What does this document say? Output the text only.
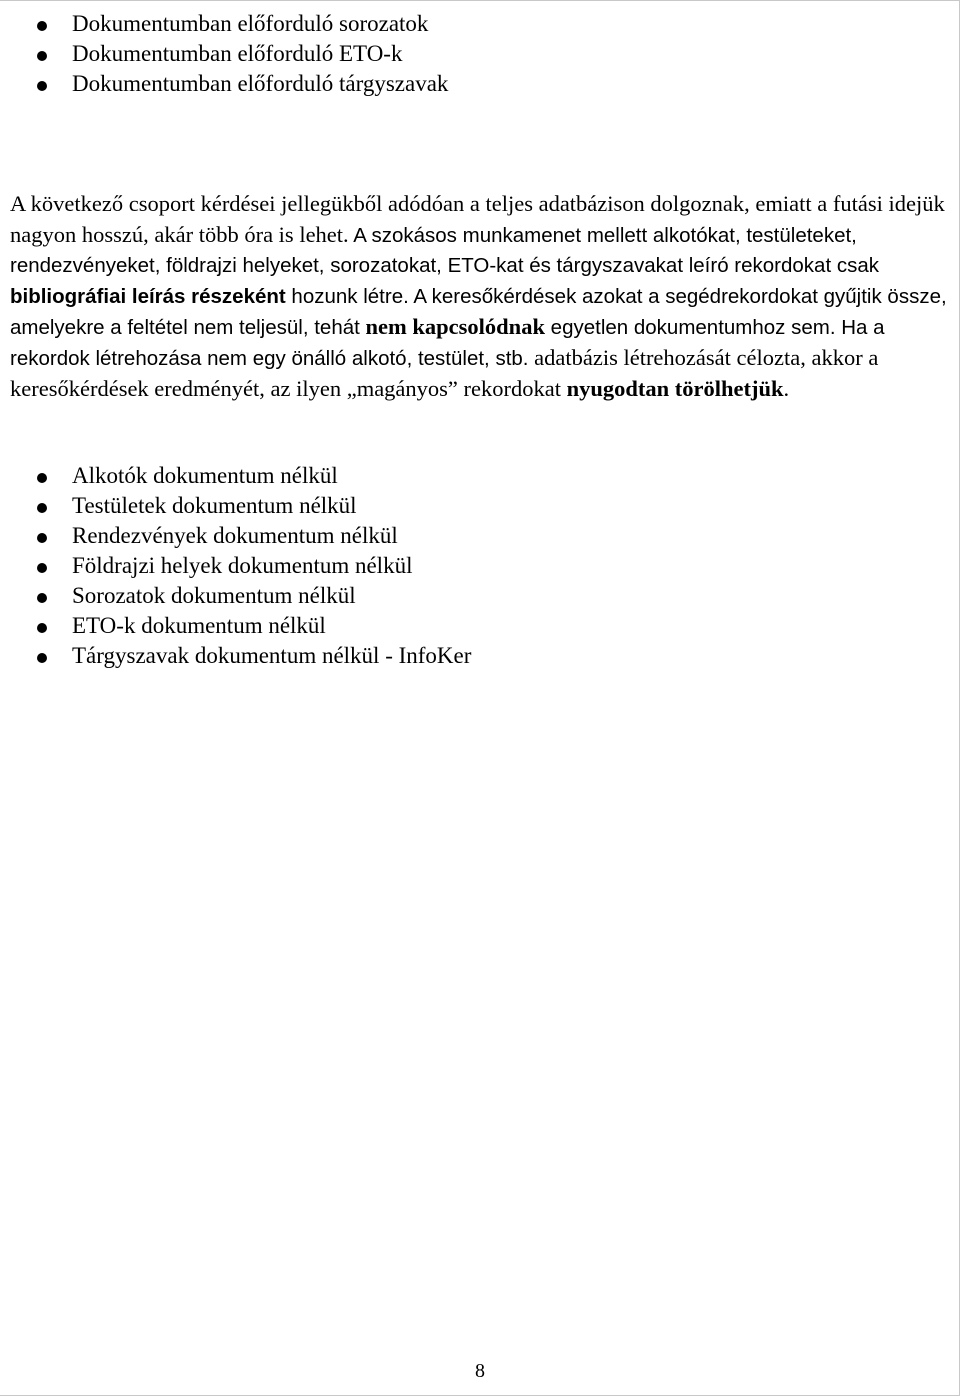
Dokumentumban előforduló sorozatok
Dokumentumban előforduló ETO-k
Dokumentumban előforduló tárgyszavak

A következő csoport kérdései jellegükből adódóan a teljes adatbázison dolgoznak, emiatt a futási idejük nagyon hosszú, akár több óra is lehet. A szokásos munkamenet mellett alkotókat, testületeket, rendezvényeket, földrajzi helyeket, sorozatokat, ETO-kat és tárgyszavakat leíró rekordokat csak bibliográfiai leírás részeként hozunk létre. A keresőkérdések azokat a segédrekordokat gyűjtik össze, amelyekre a feltétel nem teljesül, tehát nem kapcsolódnak egyetlen dokumentumhoz sem. Ha a rekordok létrehozása nem egy önálló alkotó, testület, stb. adatbázis létrehozását célozta, akkor a keresőkérdések eredményét, az ilyen „magányos” rekordokat nyugodtan törölhetjük.

Alkotók dokumentum nélkül
Testületek dokumentum nélkül
Rendezvények dokumentum nélkül
Földrajzi helyek dokumentum nélkül
Sorozatok dokumentum nélkül
ETO-k dokumentum nélkül
Tárgyszavak dokumentum nélkül - InfoKer
8
